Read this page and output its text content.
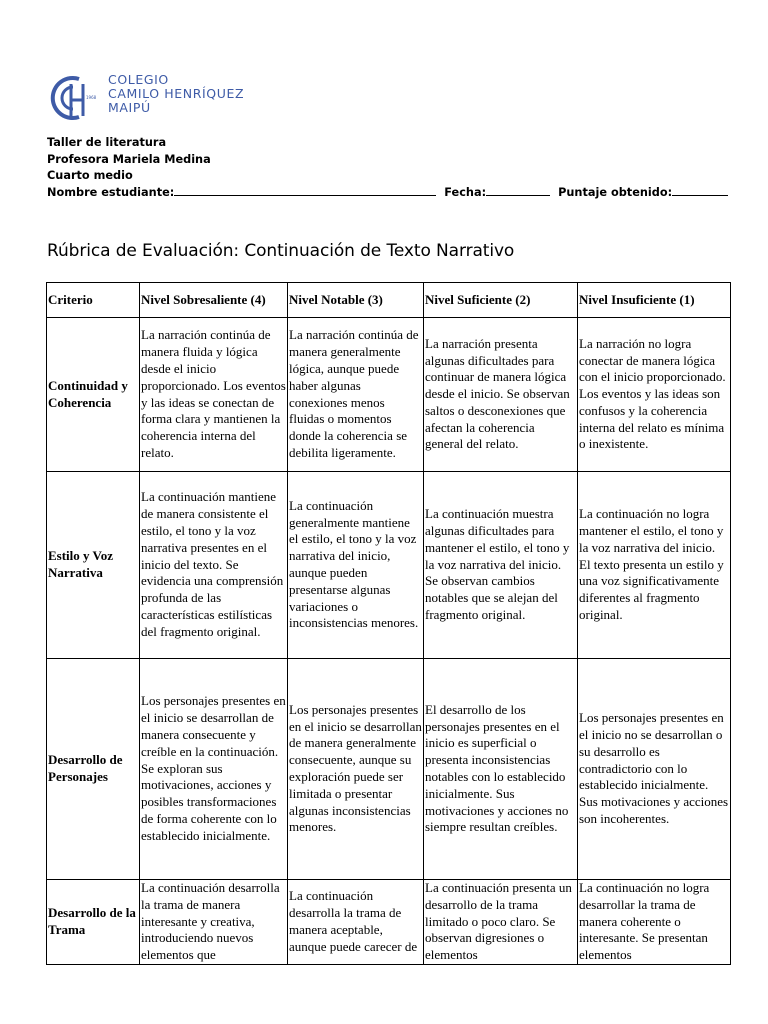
1968
COLEGIO
CAMILO HENRÍQUEZ
MAIPÚ
Taller de literatura
Profesora Mariela Medina
Cuarto medio
Nombre estudiante:	Fecha:	Puntaje obtenido:
Rúbrica de Evaluación: Continuación de Texto Narrativo
Criterio	Nivel Sobresaliente (4)	Nivel Notable (3)	Nivel Suficiente (2)	Nivel Insuficiente (1)
Continuidad y Coherencia	La narración continúa de manera fluida y lógica desde el inicio proporcionado. Los eventos y las ideas se conectan de forma clara y mantienen la coherencia interna del relato.	La narración continúa de manera generalmente lógica, aunque puede haber algunas conexiones menos fluidas o momentos donde la coherencia se debilita ligeramente.	La narración presenta algunas dificultades para continuar de manera lógica desde el inicio. Se observan saltos o desconexiones que afectan la coherencia general del relato.	La narración no logra conectar de manera lógica con el inicio proporcionado. Los eventos y las ideas son confusos y la coherencia interna del relato es mínima o inexistente.
Estilo y Voz Narrativa	La continuación mantiene de manera consistente el estilo, el tono y la voz narrativa presentes en el inicio del texto. Se evidencia una comprensión profunda de las características estilísticas del fragmento original.	La continuación generalmente mantiene el estilo, el tono y la voz narrativa del inicio, aunque pueden presentarse algunas variaciones o inconsistencias menores.	La continuación muestra algunas dificultades para mantener el estilo, el tono y la voz narrativa del inicio. Se observan cambios notables que se alejan del fragmento original.	La continuación no logra mantener el estilo, el tono y la voz narrativa del inicio. El texto presenta un estilo y una voz significativamente diferentes al fragmento original.
Desarrollo de Personajes	Los personajes presentes en el inicio se desarrollan de manera consecuente y creíble en la continuación. Se exploran sus motivaciones, acciones y posibles transformaciones de forma coherente con lo establecido inicialmente.	Los personajes presentes en el inicio se desarrollan de manera generalmente consecuente, aunque su exploración puede ser limitada o presentar algunas inconsistencias menores.	El desarrollo de los personajes presentes en el inicio es superficial o presenta inconsistencias notables con lo establecido inicialmente. Sus motivaciones y acciones no siempre resultan creíbles.	Los personajes presentes en el inicio no se desarrollan o su desarrollo es contradictorio con lo establecido inicialmente. Sus motivaciones y acciones son incoherentes.
Desarrollo de la Trama	La continuación desarrolla la trama de manera interesante y creativa, introduciendo nuevos elementos que	La continuación desarrolla la trama de manera aceptable, aunque puede carecer de	La continuación presenta un desarrollo de la trama limitado o poco claro. Se observan digresiones o elementos	La continuación no logra desarrollar la trama de manera coherente o interesante. Se presentan elementos
